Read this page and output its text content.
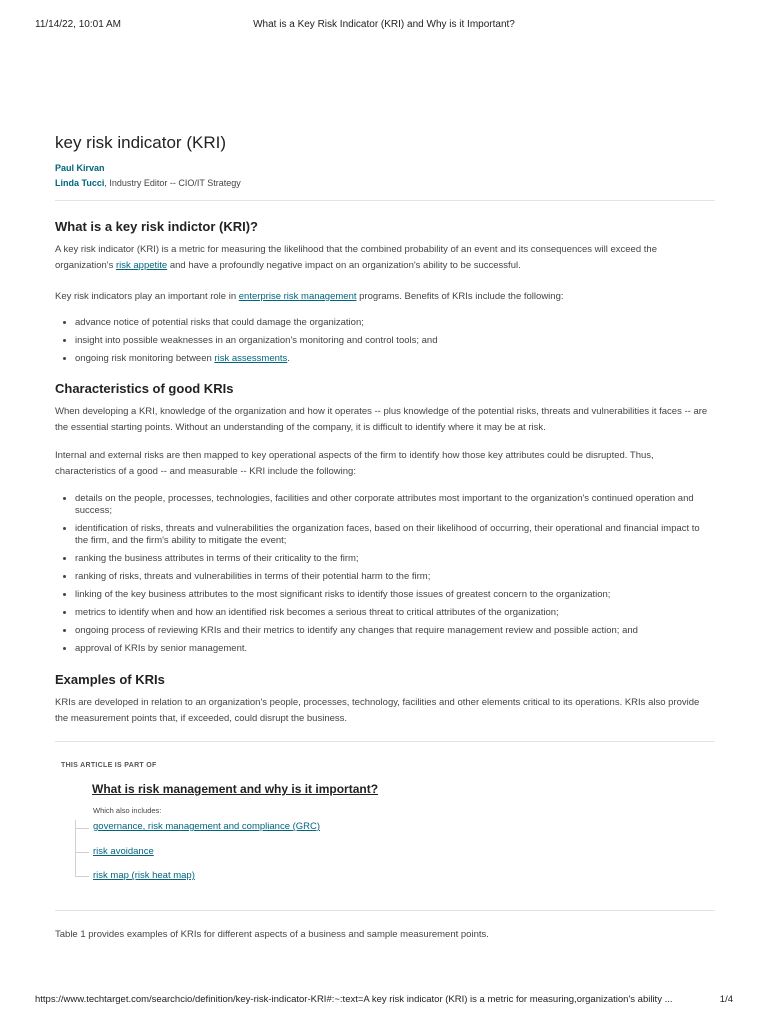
11/14/22, 10:01 AM	What is a Key Risk Indicator (KRI) and Why is it Important?
key risk indicator (KRI)
Paul Kirvan
Linda Tucci, Industry Editor -- CIO/IT Strategy
What is a key risk indictor (KRI)?

A key risk indicator (KRI) is a metric for measuring the likelihood that the combined probability of an event and its consequences will exceed the organization's risk appetite and have a profoundly negative impact on an organization's ability to be successful.

Key risk indicators play an important role in enterprise risk management programs. Benefits of KRIs include the following:

• advance notice of potential risks that could damage the organization;
• insight into possible weaknesses in an organization's monitoring and control tools; and
• ongoing risk monitoring between risk assessments.
Characteristics of good KRIs

When developing a KRI, knowledge of the organization and how it operates -- plus knowledge of the potential risks, threats and vulnerabilities it faces -- are the essential starting points. Without an understanding of the company, it is difficult to identify where it may be at risk.

Internal and external risks are then mapped to key operational aspects of the firm to identify how those key attributes could be disrupted. Thus, characteristics of a good -- and measurable -- KRI include the following:

• details on the people, processes, technologies, facilities and other corporate attributes most important to the organization's continued operation and success;
• identification of risks, threats and vulnerabilities the organization faces, based on their likelihood of occurring, their operational and financial impact to the firm, and the firm's ability to mitigate the event;
• ranking the business attributes in terms of their criticality to the firm;
• ranking of risks, threats and vulnerabilities in terms of their potential harm to the firm;
• linking of the key business attributes to the most significant risks to identify those issues of greatest concern to the organization;
• metrics to identify when and how an identified risk becomes a serious threat to critical attributes of the organization;
• ongoing process of reviewing KRIs and their metrics to identify any changes that require management review and possible action; and
• approval of KRIs by senior management.
Examples of KRIs

KRIs are developed in relation to an organization's people, processes, technology, facilities and other elements critical to its operations. KRIs also provide the measurement points that, if exceeded, could disrupt the business.

THIS ARTICLE IS PART OF
What is risk management and why is it important?
Which also includes:
governance, risk management and compliance (GRC)
risk avoidance
risk map (risk heat map)

Table 1 provides examples of KRIs for different aspects of a business and sample measurement points.

https://www.techtarget.com/searchcio/definition/key-risk-indicator-KRI#:~:text=A key risk indicator (KRI) is a metric for measuring,organization's ability ...	1/4
